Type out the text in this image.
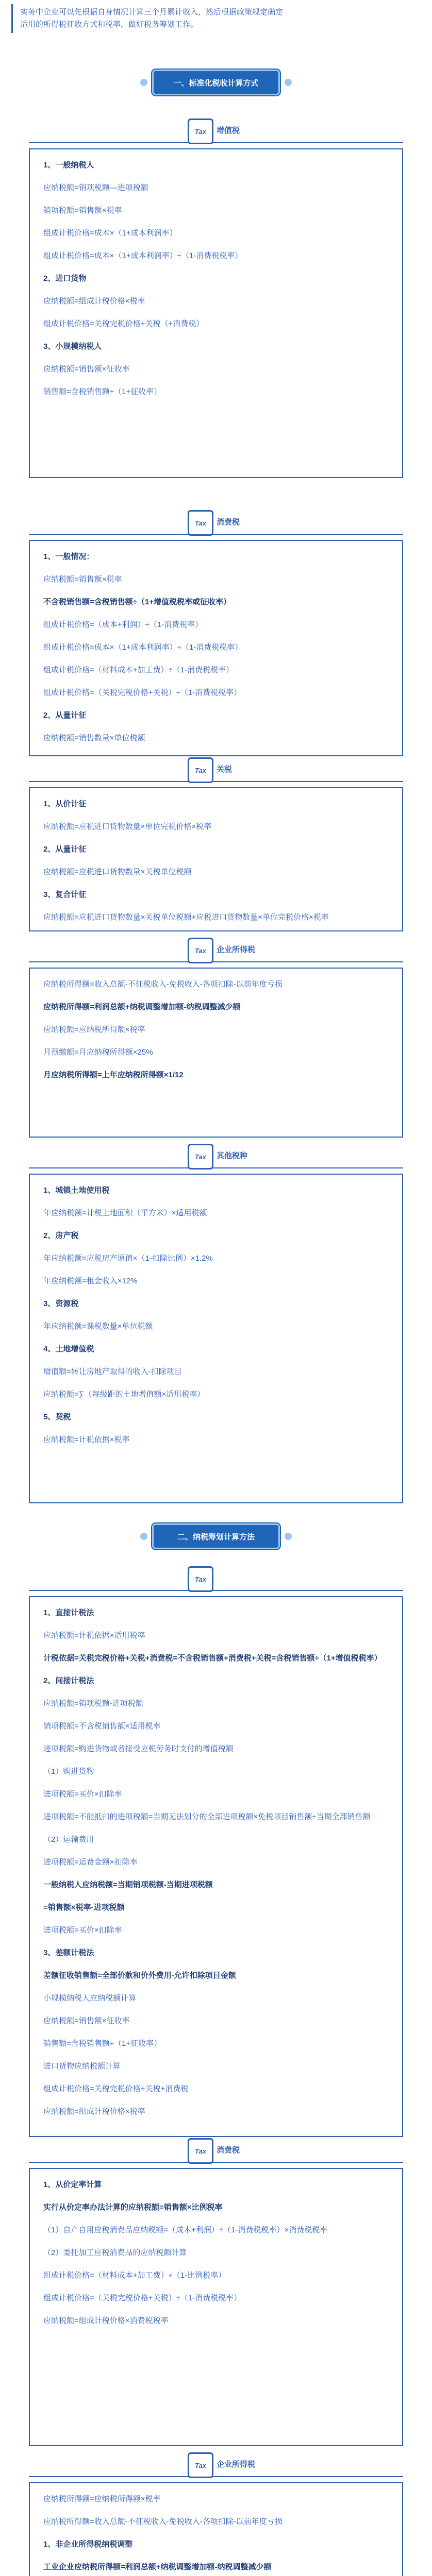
实务中企业可以先根据自身情况计算三个月累计收入，然后根据政策规定确定适用的所得税征收方式和税率，做好税务筹划工作。
一、标准化税收计算方式
Tax	增值税

1、一般纳税人

应纳税额=销项税额—进项税额

销项税额=销售额×税率

组成计税价格=成本×（1+成本利润率）

组成计税价格=成本×（1+成本利润率）÷（1-消费税税率）

2、进口货物

应纳税额=组成计税价格×税率

组成计税价格=关税完税价格+关税（+消费税）

3、小规模纳税人

应纳税额=销售额×征收率

销售额=含税销售额÷（1+征收率）

Tax	消费税

1、一般情况：

应纳税额=销售额×税率

不含税销售额=含税销售额÷（1+增值税税率或征收率）

组成计税价格=（成本+利润）÷（1-消费税率）

组成计税价格=成本×（1+成本利润率）÷（1-消费税税率）

组成计税价格=（材料成本+加工费）÷（1-消费税税率）

组成计税价格=（关税完税价格+关税）÷（1-消费税税率）

2、从量计征

应纳税额=销售数量×单位税额

Tax	关税

1、从价计征

应纳税额=应税进口货物数量×单位完税价格×税率

2、从量计征

应纳税额=应税进口货物数量×关税单位税额

3、复合计征

应纳税额=应税进口货物数量×关税单位税额+应税进口货物数量×单位完税价格×税率

Tax	企业所得税

应纳税所得额=收入总额-不征税收入-免税收入-各项扣除-以前年度亏损

应纳税所得额=利润总额+纳税调整增加额-纳税调整减少额

应纳税额=应纳税所得额×税率

月预缴额=月应纳税所得额×25%

月应纳税所得额=上年应纳税所得额×1/12

Tax	其他税种

1、城镇土地使用税

年应纳税额=计税土地面积（平方米）×适用税额

2、房产税

年应纳税额=应税房产原值×（1-扣除比例）×1.2%

年应纳税额=租金收入×12%

3、资源税

年应纳税额=课税数量×单位税额

4、土地增值税

增值额=转让房地产取得的收入-扣除项目

应纳税额=∑（每级距的土地增值额×适用税率）

5、契税

应纳税额=计税依据×税率

二、纳税筹划计算方法
Tax

1、直接计税法

应纳税额=计税依据×适用税率

计税依据=关税完税价格+关税+消费税=不含税销售额+消费税+关税=含税销售额÷（1+增值税税率）

2、间接计税法

应纳税额=销项税额-进项税额

销项税额=不含税销售额×适用税率

进项税额=购进货物或者接受应税劳务时支付的增值税额

（1）购进货物

进项税额=买价×扣除率

进项税额=不能抵扣的进项税额=当期无法划分的全部进项税额×免税项目销售额÷当期全部销售额

（2）运输费用

进项税额=运费金额×扣除率

一般纳税人应纳税额=当期销项税额-当期进项税额

=销售额×税率-进项税额

进项税额=买价×扣除率

3、差额计税法

差额征收销售额=全部价款和价外费用-允许扣除项目金额

小规模纳税人应纳税额计算

应纳税额=销售额×征收率

销售额=含税销售额÷（1+征收率）

进口货物应纳税额计算

组成计税价格=关税完税价格+关税+消费税

应纳税额=组成计税价格×税率

Tax	消费税

1、从价定率计算

实行从价定率办法计算的应纳税额=销售额×比例税率

（1）自产自用应税消费品应纳税额=（成本+利润）÷（1-消费税税率）×消费税税率

（2）委托加工应税消费品的应纳税额计算

组成计税价格=（材料成本+加工费）÷（1-比例税率）

组成计税价格=（关税完税价格+关税）÷（1-消费税税率）

应纳税额=组成计税价格×消费税税率

Tax	企业所得税

应纳税所得额=应纳税所得额×税率

应纳税所得额=收入总额-不征税收入-免税收入-各项扣除-以前年度亏损

1、非企业所得税纳税调整

工业企业应纳税所得额=利润总额+纳税调整增加额-纳税调整减少额
